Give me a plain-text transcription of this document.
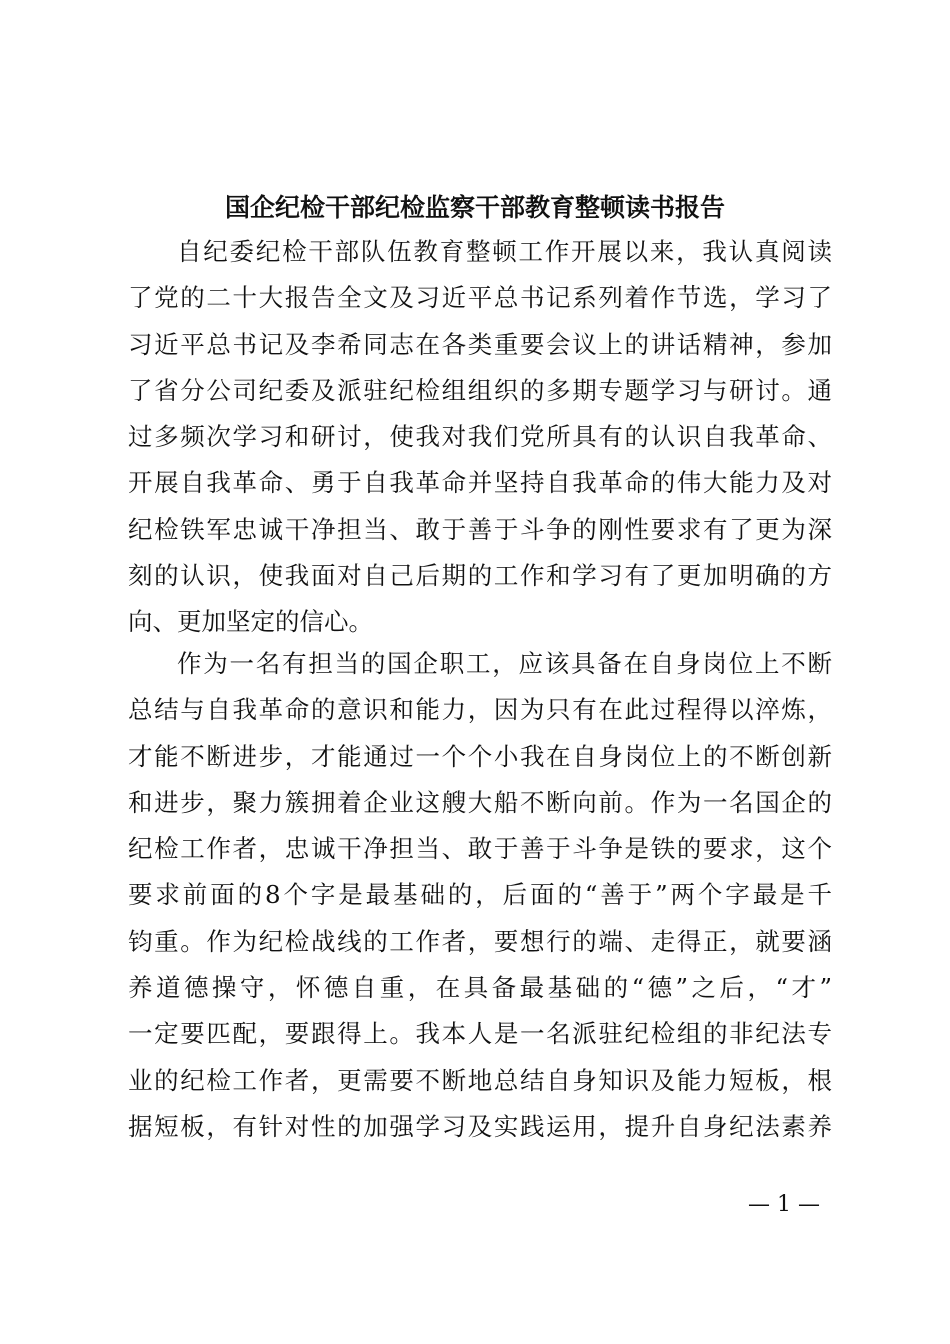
国企纪检干部纪检监察干部教育整顿读书报告
自纪委纪检干部队伍教育整顿工作开展以来，我认真阅读
了党的二十大报告全文及习近平总书记系列着作节选，学习了
习近平总书记及李希同志在各类重要会议上的讲话精神，参加
了省分公司纪委及派驻纪检组组织的多期专题学习与研讨。通
过多频次学习和研讨，使我对我们党所具有的认识自我革命、
开展自我革命、勇于自我革命并坚持自我革命的伟大能力及对
纪检铁军忠诚干净担当、敢于善于斗争的刚性要求有了更为深
刻的认识，使我面对自己后期的工作和学习有了更加明确的方
向、更加坚定的信心。
作为一名有担当的国企职工，应该具备在自身岗位上不断
总结与自我革命的意识和能力，因为只有在此过程得以淬炼，
才能不断进步，才能通过一个个小我在自身岗位上的不断创新
和进步，聚力簇拥着企业这艘大船不断向前。作为一名国企的
纪检工作者，忠诚干净担当、敢于善于斗争是铁的要求，这个
要求前面的8个字是最基础的，后面的“善于”两个字最是千
钧重。作为纪检战线的工作者，要想行的端、走得正，就要涵
养道德操守，怀德自重，在具备最基础的“德”之后，“才”
一定要匹配，要跟得上。我本人是一名派驻纪检组的非纪法专
业的纪检工作者，更需要不断地总结自身知识及能力短板，根
据短板，有针对性的加强学习及实践运用，提升自身纪法素养
— 1 —
